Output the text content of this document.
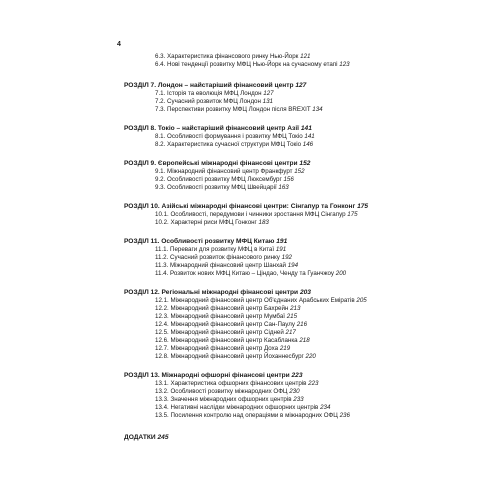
4
6.3. Характеристика фінансового ринку Нью-Йорк 121
6.4. Нові тенденції розвитку МФЦ Нью-Йорк на сучасному етапі 123
РОЗДІЛ 7. Лондон – найстаріший фінансовий центр 127
7.1. Історія та еволюція МФЦ Лондон 127
7.2. Сучасний розвиток МФЦ Лондон 131
7.3. Перспективи розвитку МФЦ Лондон після BREXIT 134
РОЗДІЛ 8. Токіо – найстаріший фінансовий центр Азії 141
8.1. Особливості формування і розвитку МФЦ Токіо 141
8.2. Характеристика сучасної структури МФЦ Токіо 146
РОЗДІЛ 9. Європейські міжнародні фінансові центри 152
9.1. Міжнародний фінансовий центр Франкфурт 152
9.2. Особливості розвитку МФЦ Люксембург 156
9.3. Особливості розвитку МФЦ Швейцарії 163
РОЗДІЛ 10. Азійські міжнародні фінансові центри: Сінгапур та Гонконг 175
10.1. Особливості, передумови і чинники зростання МФЦ Сінгапур 175
10.2. Характерні риси МФЦ Гонконг 183
РОЗДІЛ 11. Особливості розвитку МФЦ Китаю 191
11.1. Переваги для розвитку МФЦ в Китаї 191
11.2. Сучасний розвиток фінансового ринку 192
11.3. Міжнародний фінансовий центр Шанхай 194
11.4. Розвиток нових МФЦ Китаю – Ціндао, Ченду та Гуанчжоу 200
РОЗДІЛ 12. Регіональні міжнародні фінансові центри 203
12.1. Міжнародний фінансовий центр Об'єднаних Арабських Еміратів 205
12.2. Міжнародний фінансовий центр Бахрейн 213
12.3. Міжнародний фінансовий центр Мумбаї 215
12.4. Міжнародний фінансовий центр Сан-Паулу 216
12.5. Міжнародний фінансовий центр Сідней 217
12.6. Міжнародний фінансовий центр Касабланка 218
12.7. Міжнародний фінансовий центр Доха 219
12.8. Міжнародний фінансовий центр Йоханнесбург 220
РОЗДІЛ 13. Міжнародні офшорні фінансові центри 223
13.1. Характеристика офшорних фінансових центрів 223
13.2. Особливості розвитку міжнародних ОФЦ 230
13.3. Значення міжнародних офшорних центрів 233
13.4. Негативні наслідки міжнародних офшорних центрів 234
13.5. Посилення контролю над операціями в міжнародних ОФЦ 236
ДОДАТКИ 245
